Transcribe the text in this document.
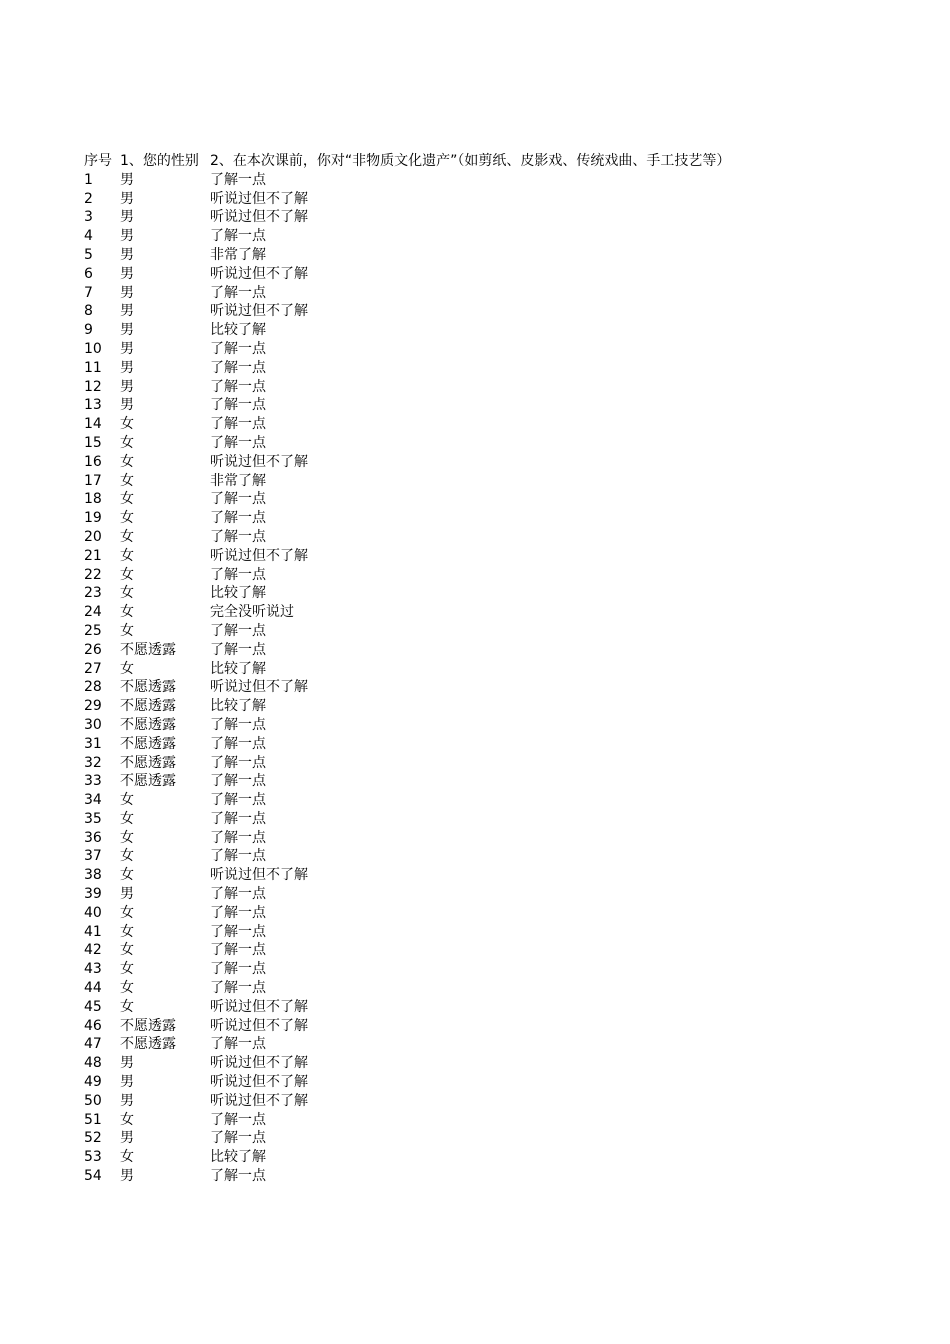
序号 1、您的性别 2、在本次课前，你对“非物质文化遗产”（如剪纸、皮影戏、传统戏曲、手工技艺等）
1 男	了解一点
2 男	听说过但不了解
3 男	听说过但不了解
4 男	了解一点
5 男	非常了解
6 男	听说过但不了解
7 男	了解一点
8 男	听说过但不了解
9 男	比较了解
10 男	了解一点
11 男	了解一点
12 男	了解一点
13 男	了解一点
14 女	了解一点
15 女	了解一点
16 女	听说过但不了解
17 女	非常了解
18 女	了解一点
19 女	了解一点
20 女	了解一点
21 女	听说过但不了解
22 女	了解一点
23 女	比较了解
24 女	完全没听说过
25 女	了解一点
26 不愿透露 了解一点
27 女	比较了解
28 不愿透露 听说过但不了解
29 不愿透露 比较了解
30 不愿透露 了解一点
31 不愿透露 了解一点
32 不愿透露 了解一点
33 不愿透露 了解一点
34 女	了解一点
35 女	了解一点
36 女	了解一点
37 女	了解一点
38 女	听说过但不了解
39 男	了解一点
40 女	了解一点
41 女	了解一点
42 女	了解一点
43 女	了解一点
44 女	了解一点
45 女	听说过但不了解
46 不愿透露 听说过但不了解
47 不愿透露 了解一点
48 男	听说过但不了解
49 男	听说过但不了解
50 男	听说过但不了解
51 女	了解一点
52 男	了解一点
53 女	比较了解
54 男	了解一点
